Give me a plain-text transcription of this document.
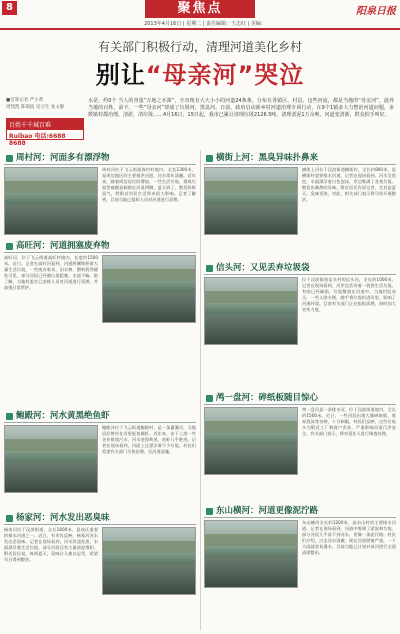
8	聚焦点
2013年4月16日 | 星期二 | 责任编辑：王志红 | 美编：
阳泉日报
有关部门积极行动，清理河道美化乡村
别让“母亲河”哭泣
■首席记者 严小黄
周凯凯 陈瑞波 见习生 张文静
百姓千千城百难
Ruibao 电话:6688 8688
水是，约0个 当人的容量“万地之本源”，全市现有大大小小的河道24条条，分布在各镇区、村县，这些河流，都是当地的“母亲河”，滋养当地的百姓。前不，一些“母亲河”却成了垃圾河，黑臭河。日前，政府启动新乡村河道治理专项行动，在9个1镇多大力整治河道问题，多数镇村都治理，清淤，清垃圾……4月16日，15日起，我市已累计清理垃圾2126.5吨，清理淤泥1万余吨，河道变清新，群众拍手叫好。
周村河：河面多有漂浮物
周村河位于飞云街道周村村境内，全长1300米，是周边地区的主要排洪河道，河水常年清澈。近年来，随着周边居民的增加，一些生活垃圾、建筑垃圾等被随意倾倒在河道两侧，夏天到了，散发阵阵臭气，给附近村民生活带来很大影响。记者了解到，目前当地已组织人员对河道进行清理。
高旺河：河道拥塞废弃物
高旺河，位于飞云街道高旺村境内，长度约1500米。近日，记者在高旺河看到，河道两侧堆积着大量生活垃圾，一些废弃家具、旧衣物、塑料袋等随处可见，部分河段已经被垃圾阻塞，水流不畅。据了解，当地村委会已安排人员对河道进行清理，并加强日常管护。
鲍殿河：河水黄黑绝鱼虾
鲍殿河位于飞云街道鲍殿村，是一条灌溉河，当地居民曾经在河里捉鱼摸虾。近年来，由于上游一些企业排放污水，河水变得黄黑，鱼虾几乎绝迹。记者在现场看到，河面上还漂浮着不少垃圾。村民们希望有关部门尽快治理，还河道清澈。
杨家河：河水发出恶臭味
杨家河位于汉滨街道，全长1800米，是该区重要的排水河道之一。近日，有市民反映，杨家河河水发出恶臭味。记者在现场看到，河水浑浊发黑，水面漂浮着生活垃圾，部分河段还有大量淤泥堆积。附近居民说，每到夏天，臭味让人难以忍受，希望早日得到整治。
横街上河：黑臭异味扑鼻来
横街上河位于汉滨街道横街村，全长约800米，是横街村重要排水河道。记者在现场看到，河水呈黑色，水面漂浮着白色泡沫，岸边堆满了各类垃圾，散发出刺鼻的异味。附近居民告诉记者，尤其是夏天，臭味更浓。对此，相关部门表示将尽快开展整治。
信头河：又见丢弃垃圾袋
位于汉滨街道信头村的信头河，全长约1000米。记者在现场看到，河岸边丢弃着一袋袋生活垃圾，有的已经破损，垃圾散落在河道中。当地村民表示，一些人图方便，随手将垃圾扔进河里，影响了河道环境。目前有关部门正在组织清理，同时加大宣传力度。
鸬一盘河：碎纸板随目惊心
鸬一盘河是一条排水河，位于汉滨街道境内，全长约1500米。近日，一些河段出现大量碎纸板、废弃泡沫等杂物，十分刺眼。村民们反映，这些垃圾多为附近工厂和商户丢弃，严重影响河道行洪安全。有关部门表示，将对责任人进行调查处理。
东山横河：河道更像泥泞路
东山横河全长约1200米，是东山村的主要排水河道。记者在现场看到，河道中堆满了淤泥和垃圾，部分河段几乎看不到河水，更像一条泥泞路。村民们介绍，过去河水清澈，现在河道淤塞严重，一下大雨就容易漫水。目前当地已计划对该河进行全面清淤整治。
